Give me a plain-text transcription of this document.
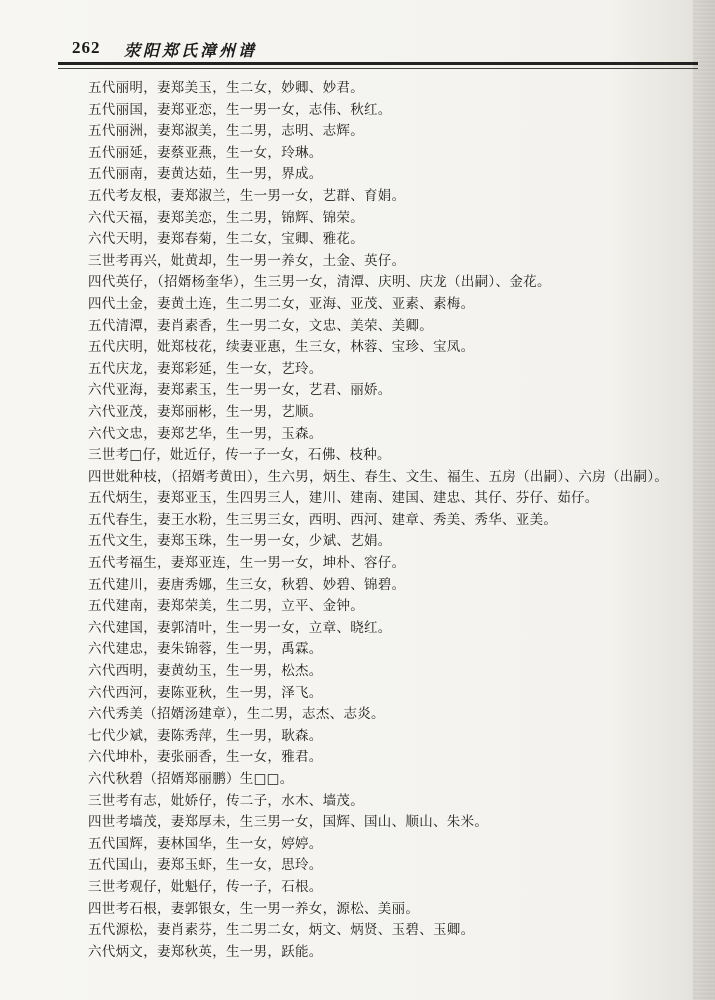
262 荥阳郑氏漳州谱
五代丽明，妻郑美玉，生二女，妙卿、妙君。
五代丽国，妻郑亚恋，生一男一女，志伟、秋红。
五代丽洲，妻郑淑美，生二男，志明、志辉。
五代丽延，妻蔡亚燕，生一女，玲琳。
五代丽南，妻黄达茹，生一男，界成。
五代考友根，妻郑淑兰，生一男一女，艺群、育娟。
六代天福，妻郑美恋，生二男，锦辉、锦荣。
六代天明，妻郑春菊，生二女，宝卿、雅花。
三世考再兴，妣黄却，生一男一养女，土金、英仔。
四代英仔，（招婿杨奎华），生三男一女，清潭、庆明、庆龙（出嗣）、金花。
四代土金，妻黄土连，生二男二女，亚海、亚茂、亚素、素梅。
五代清潭，妻肖素香，生一男二女，文忠、美荣、美卿。
五代庆明，妣郑枝花，续妻亚惠，生三女，林蓉、宝珍、宝凤。
五代庆龙，妻郑彩延，生一女，艺玲。
六代亚海，妻郑素玉，生一男一女，艺君、丽娇。
六代亚茂，妻郑丽彬，生一男，艺顺。
六代文忠，妻郑艺华，生一男，玉森。
三世考□仔，妣近仔，传一子一女，石佛、枝种。
四世妣种枝，（招婿考黄田），生六男，炳生、春生、文生、福生、五房（出嗣）、六房（出嗣）。
五代炳生，妻郑亚玉，生四男三人，建川、建南、建国、建忠、其仔、芬仔、茹仔。
五代春生，妻王水粉，生三男三女，西明、西河、建章、秀美、秀华、亚美。
五代文生，妻郑玉珠，生一男一女，少斌、艺娟。
五代考福生，妻郑亚连，生一男一女，坤朴、容仔。
五代建川，妻唐秀娜，生三女，秋碧、妙碧、锦碧。
五代建南，妻郑荣美，生二男，立平、金钟。
六代建国，妻郭清叶，生一男一女，立章、晓红。
六代建忠，妻朱锦蓉，生一男，禹霖。
六代西明，妻黄幼玉，生一男，松杰。
六代西河，妻陈亚秋，生一男，泽飞。
六代秀美（招婿汤建章），生二男，志杰、志炎。
七代少斌，妻陈秀萍，生一男，耿森。
六代坤朴，妻张丽香，生一女，雅君。
六代秋碧（招婿郑丽鹏）生□□。
三世考有志，妣娇仔，传二子，水木、墙茂。
四世考墙茂，妻郑厚未，生三男一女，国辉、国山、顺山、朱米。
五代国辉，妻林国华，生一女，婷婷。
五代国山，妻郑玉虾，生一女，思玲。
三世考观仔，妣魁仔，传一子，石根。
四世考石根，妻郭银女，生一男一养女，源松、美丽。
五代源松，妻肖素芬，生二男二女，炳文、炳贤、玉碧、玉卿。
六代炳文，妻郑秋英，生一男，跃能。
